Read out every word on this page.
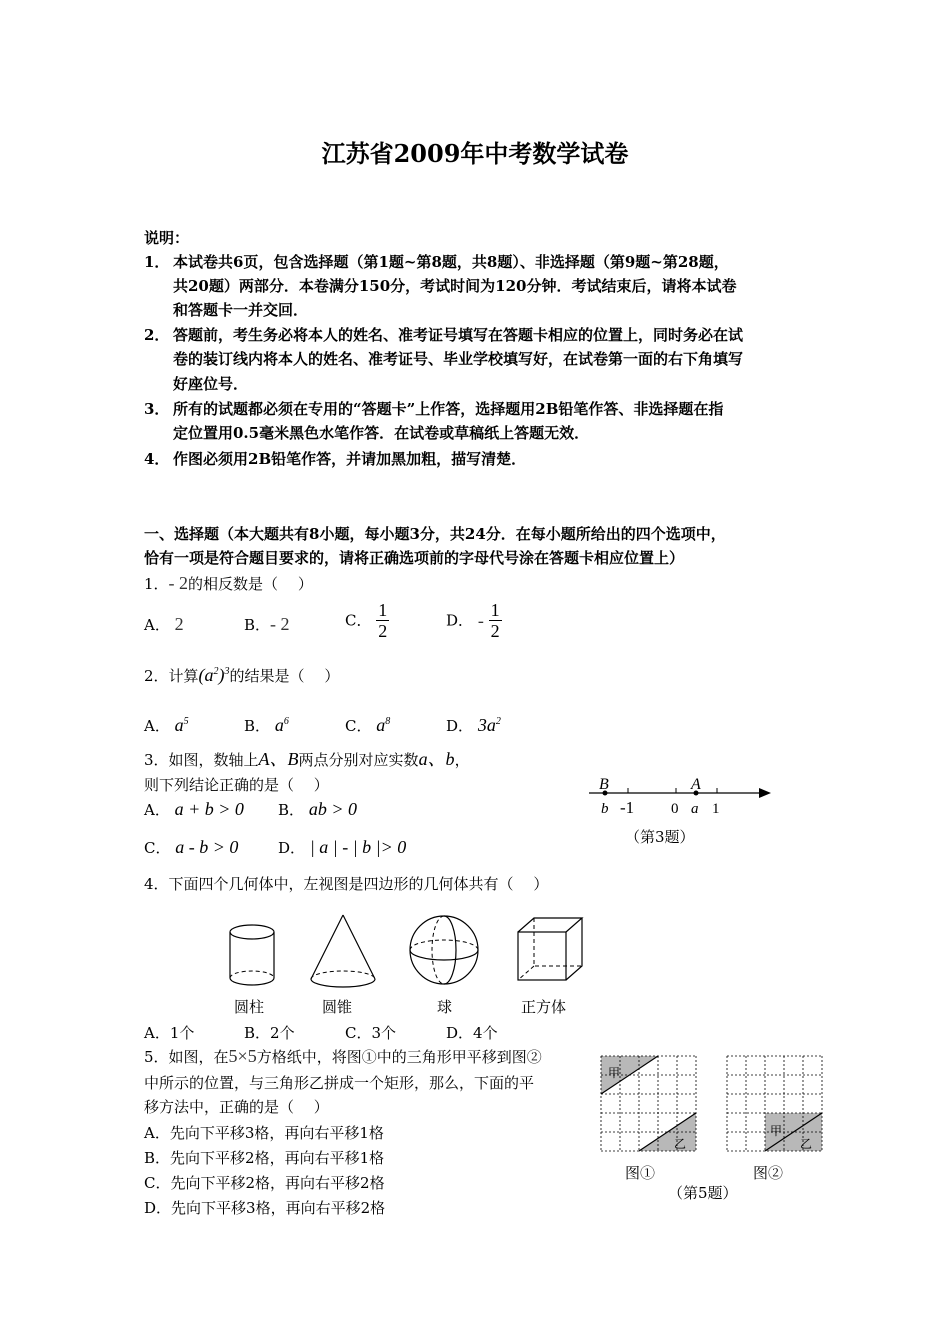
江苏省2009年中考数学试卷
说明：
1． 本试卷共6页，包含选择题（第1题~第8题，共8题）、非选择题（第9题~第28题，
共20题）两部分．本卷满分150分，考试时间为120分钟．考试结束后，请将本试卷
和答题卡一并交回．
2． 答题前，考生务必将本人的姓名、准考证号填写在答题卡相应的位置上，同时务必在试
卷的装订线内将本人的姓名、准考证号、毕业学校填写好，在试卷第一面的右下角填写
好座位号．
3． 所有的试题都必须在专用的“答题卡”上作答，选择题用2B铅笔作答、非选择题在指
定位置用0.5毫米黑色水笔作答．在试卷或草稿纸上答题无效．
4． 作图必须用2B铅笔作答，并请加黑加粗，描写清楚．
一、选择题（本大题共有8小题，每小题3分，共24分．在每小题所给出的四个选项中，
恰有一项是符合题目要求的，请将正确选项前的字母代号涂在答题卡相应位置上）
1．- 2的相反数是（　 ）
A． 2	B．- 2	C． $\frac{1}{2}$	D． - $\frac{1}{2}$
2．计算$(a^2)^3$的结果是（　 ）
A． $a^5$	B． $a^6$	C． $a^8$	D． $3a^2$
3．如图，数轴上A、B两点分别对应实数a、b，
则下列结论正确的是（　 ）
A． a + b > 0 B． ab > 0
C． a - b > 0	D． | a | - | b |> 0
B	A
b -1 0 a 1
（第3题）
4．下面四个几何体中，左视图是四边形的几何体共有（　 ）
圆柱	圆锥	球	正方体
A．1个	B．2个	C．3个	D．4个
5．如图，在5×5方格纸中，将图①中的三角形甲平移到图②
中所示的位置，与三角形乙拼成一个矩形，那么，下面的平
移方法中，正确的是（　 ）
A．先向下平移3格，再向右平移1格
B．先向下平移2格，再向右平移1格
C．先向下平移2格，再向右平移2格
D．先向下平移3格，再向右平移2格
甲
乙
甲
乙
图①	图②
（第5题）
